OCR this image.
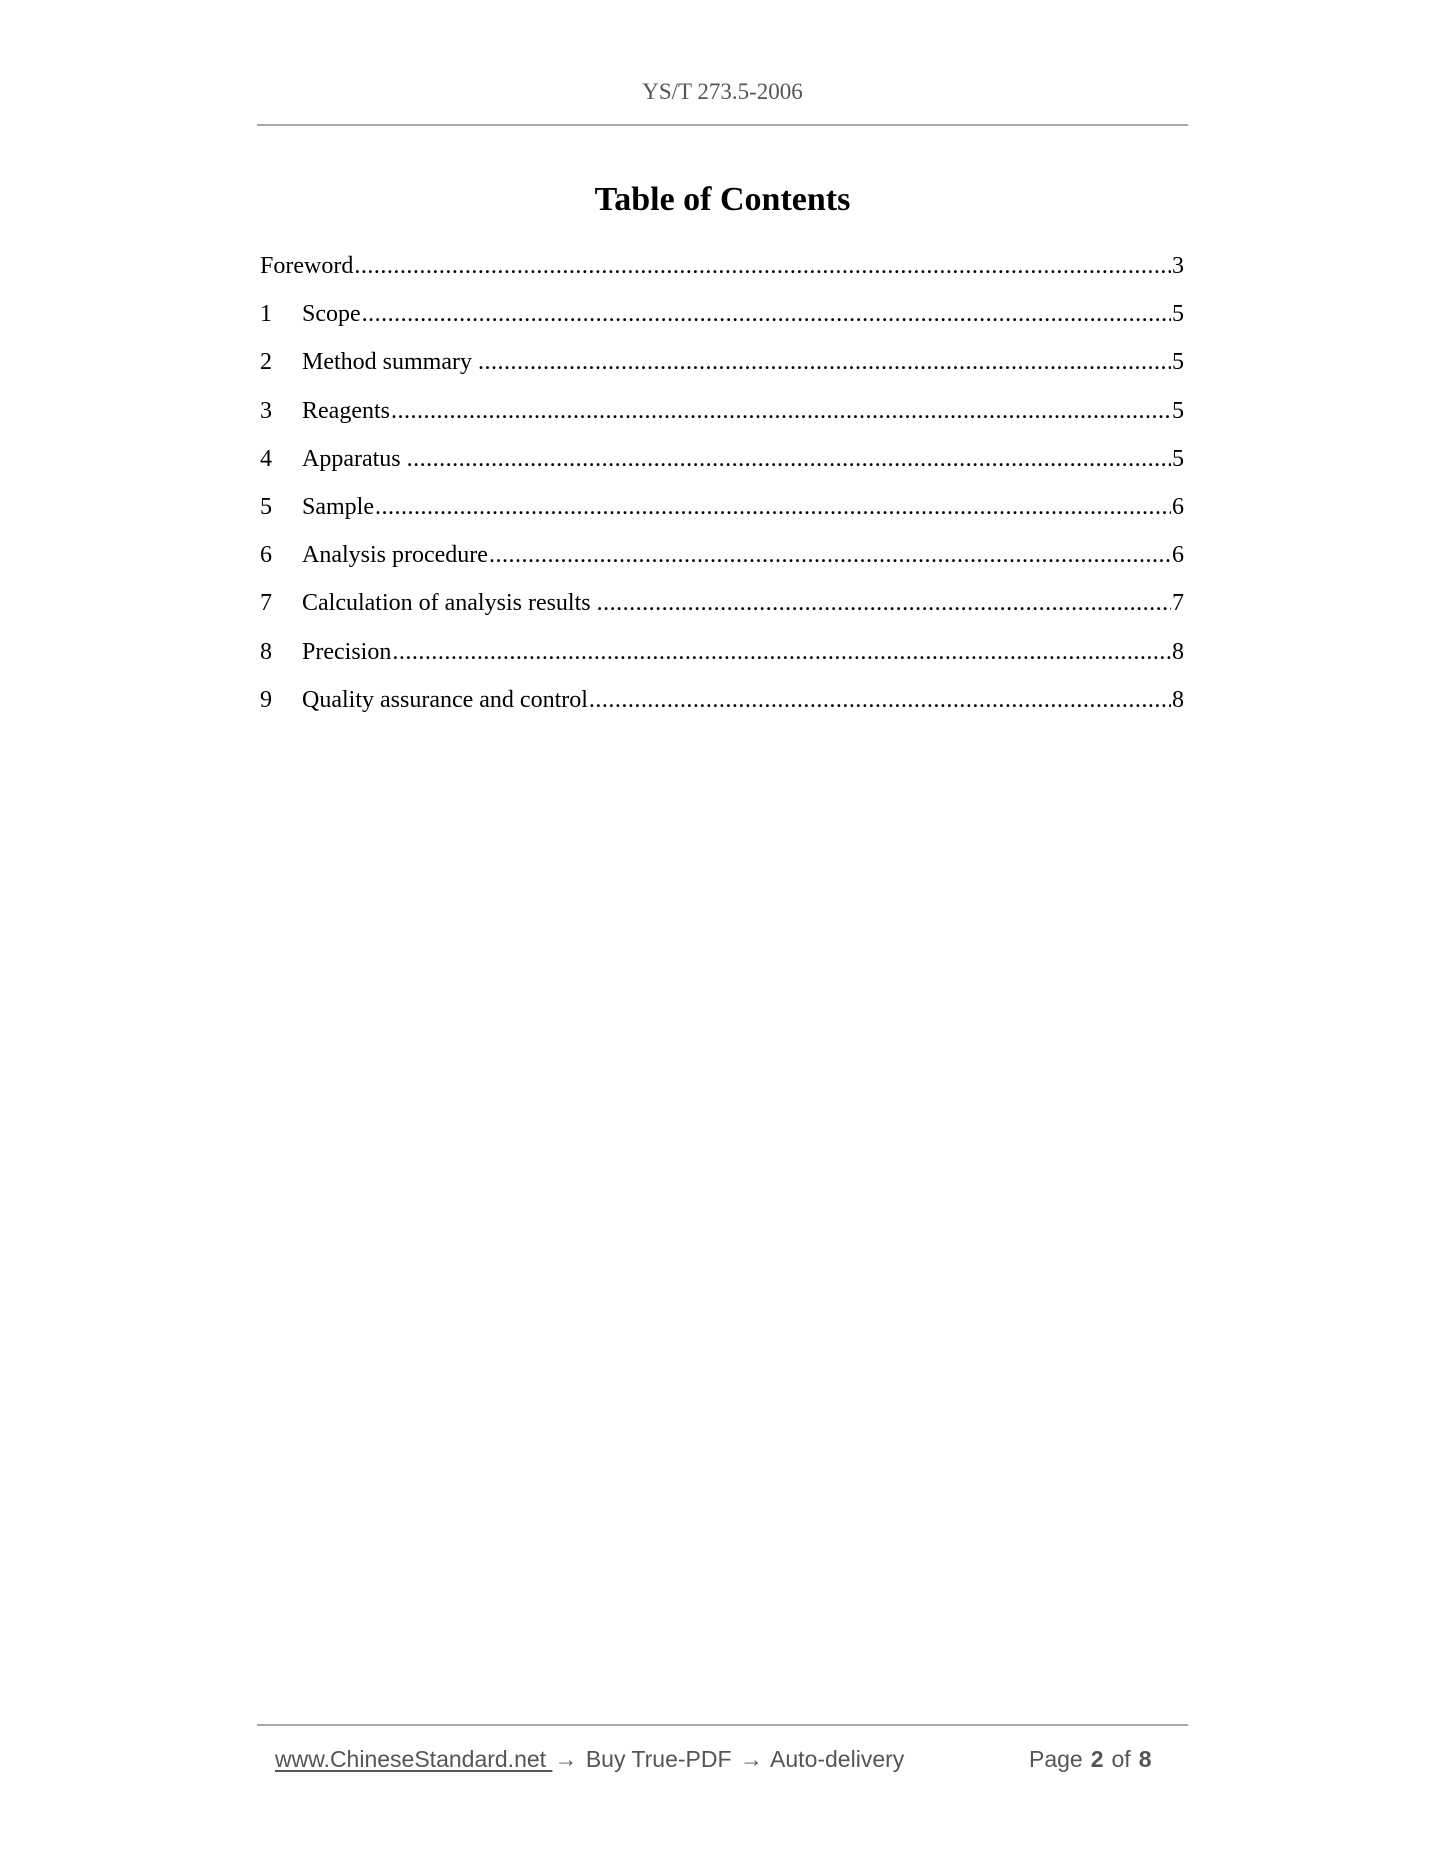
YS/T 273.5-2006
Table of Contents
Foreword .....	3
1	Scope .....	5
2	Method summary .....	5
3	Reagents .....	5
4	Apparatus .....	5
5	Sample .....	6
6	Analysis procedure .....	6
7	Calculation of analysis results .....	7
8	Precision .....	8
9	Quality assurance and control .....	8
www.ChineseStandard.net → Buy True-PDF → Auto-delivery	Page 2 of 8
